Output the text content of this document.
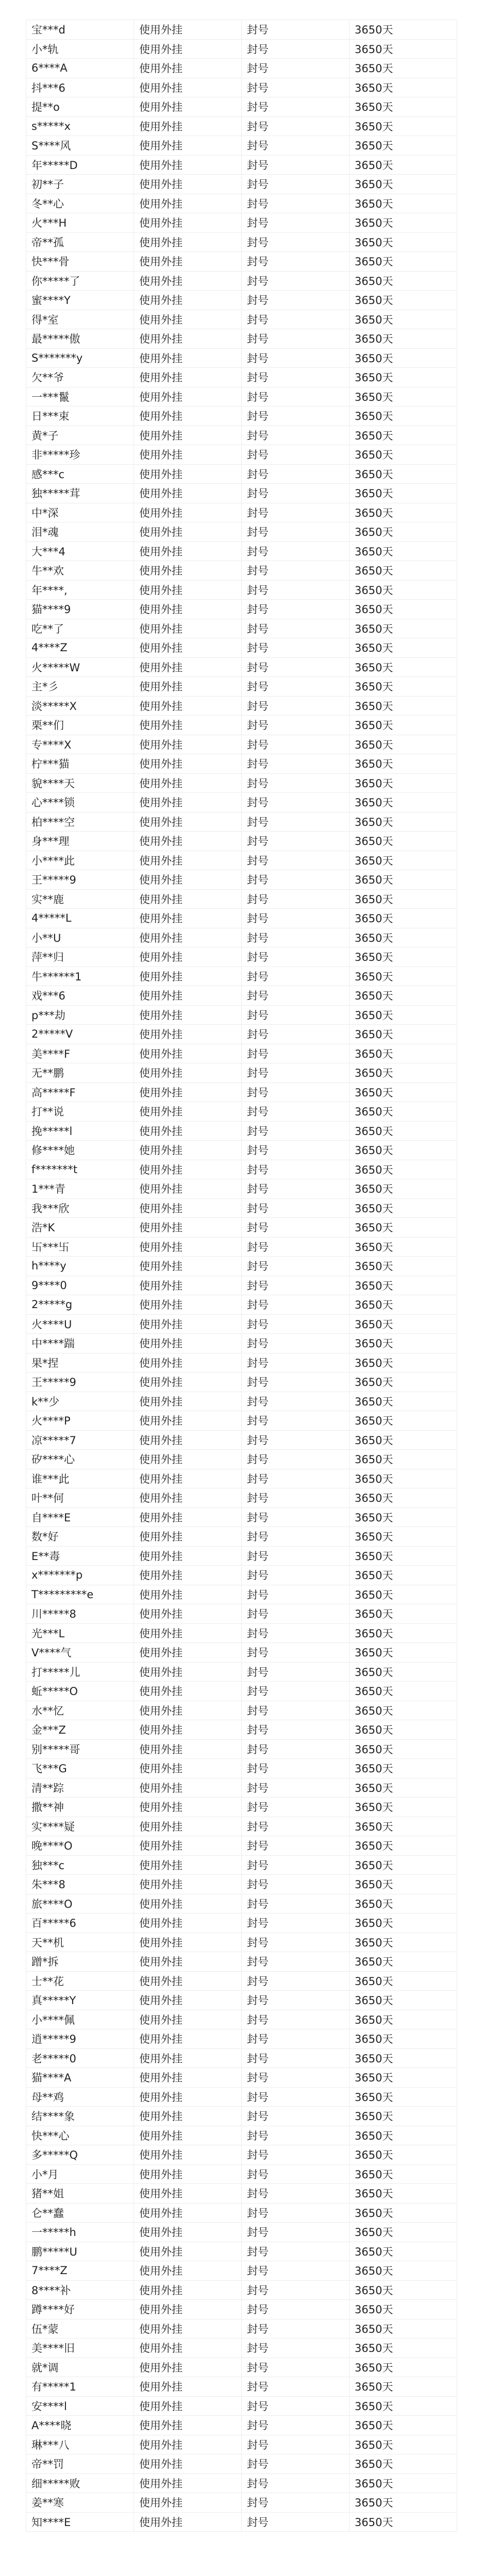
宝***d	使用外挂	封号	3650天
小*轨	使用外挂	封号	3650天
6****A	使用外挂	封号	3650天
抖***6	使用外挂	封号	3650天
提**o	使用外挂	封号	3650天
s*****x	使用外挂	封号	3650天
S****风	使用外挂	封号	3650天
年*****D	使用外挂	封号	3650天
初**子	使用外挂	封号	3650天
冬**心	使用外挂	封号	3650天
火***H	使用外挂	封号	3650天
帝**孤	使用外挂	封号	3650天
快***骨	使用外挂	封号	3650天
你*****了	使用外挂	封号	3650天
蜜****Y	使用外挂	封号	3650天
得*室	使用外挂	封号	3650天
最*****傲	使用外挂	封号	3650天
S*******y	使用外挂	封号	3650天
欠**爷	使用外挂	封号	3650天
一***鬣	使用外挂	封号	3650天
日***束	使用外挂	封号	3650天
黄*子	使用外挂	封号	3650天
非*****珍	使用外挂	封号	3650天
感***c	使用外挂	封号	3650天
独*****茸	使用外挂	封号	3650天
中*深	使用外挂	封号	3650天
泪*魂	使用外挂	封号	3650天
大***4	使用外挂	封号	3650天
牛**欢	使用外挂	封号	3650天
年****,	使用外挂	封号	3650天
猫****9	使用外挂	封号	3650天
吃**了	使用外挂	封号	3650天
4****Z	使用外挂	封号	3650天
火*****W	使用外挂	封号	3650天
主*彡	使用外挂	封号	3650天
淡*****X	使用外挂	封号	3650天
栗**们	使用外挂	封号	3650天
专****X	使用外挂	封号	3650天
柠***猫	使用外挂	封号	3650天
貌****天	使用外挂	封号	3650天
心****锁	使用外挂	封号	3650天
柏****空	使用外挂	封号	3650天
身***理	使用外挂	封号	3650天
小****此	使用外挂	封号	3650天
王*****9	使用外挂	封号	3650天
实**鹿	使用外挂	封号	3650天
4*****L	使用外挂	封号	3650天
小**U	使用外挂	封号	3650天
萍**归	使用外挂	封号	3650天
牛******1	使用外挂	封号	3650天
戏***6	使用外挂	封号	3650天
p***劫	使用外挂	封号	3650天
2*****V	使用外挂	封号	3650天
美****F	使用外挂	封号	3650天
无**鹏	使用外挂	封号	3650天
高*****F	使用外挂	封号	3650天
打**说	使用外挂	封号	3650天
挽*****l	使用外挂	封号	3650天
修****她	使用外挂	封号	3650天
f*******t	使用外挂	封号	3650天
1***青	使用外挂	封号	3650天
我***欣	使用外挂	封号	3650天
浩*K	使用外挂	封号	3650天
卐***卐	使用外挂	封号	3650天
h****y	使用外挂	封号	3650天
9****0	使用外挂	封号	3650天
2*****g	使用外挂	封号	3650天
火****U	使用外挂	封号	3650天
中****踹	使用外挂	封号	3650天
果*捏	使用外挂	封号	3650天
王*****9	使用外挂	封号	3650天
k**少	使用外挂	封号	3650天
火****P	使用外挂	封号	3650天
凉*****7	使用外挂	封号	3650天
矽****心	使用外挂	封号	3650天
谁***此	使用外挂	封号	3650天
叶**何	使用外挂	封号	3650天
自****E	使用外挂	封号	3650天
数*好	使用外挂	封号	3650天
E**毒	使用外挂	封号	3650天
x*******p	使用外挂	封号	3650天
T*********e	使用外挂	封号	3650天
川*****8	使用外挂	封号	3650天
光***L	使用外挂	封号	3650天
V****气	使用外挂	封号	3650天
打*****儿	使用外挂	封号	3650天
蚯*****O	使用外挂	封号	3650天
水**忆	使用外挂	封号	3650天
金***Z	使用外挂	封号	3650天
别*****哥	使用外挂	封号	3650天
飞***G	使用外挂	封号	3650天
清**踪	使用外挂	封号	3650天
撒**神	使用外挂	封号	3650天
实****疑	使用外挂	封号	3650天
晚****O	使用外挂	封号	3650天
独***c	使用外挂	封号	3650天
朱***8	使用外挂	封号	3650天
旅****O	使用外挂	封号	3650天
百*****6	使用外挂	封号	3650天
天**机	使用外挂	封号	3650天
蹭*拆	使用外挂	封号	3650天
士**花	使用外挂	封号	3650天
真*****Y	使用外挂	封号	3650天
小****佩	使用外挂	封号	3650天
逍*****9	使用外挂	封号	3650天
老*****0	使用外挂	封号	3650天
猫****A	使用外挂	封号	3650天
母**鸡	使用外挂	封号	3650天
结****象	使用外挂	封号	3650天
快***心	使用外挂	封号	3650天
多*****Q	使用外挂	封号	3650天
小*月	使用外挂	封号	3650天
猪**姐	使用外挂	封号	3650天
仑**蠢	使用外挂	封号	3650天
一*****h	使用外挂	封号	3650天
鹏*****U	使用外挂	封号	3650天
7****Z	使用外挂	封号	3650天
8****补	使用外挂	封号	3650天
蹲****好	使用外挂	封号	3650天
伍*蒙	使用外挂	封号	3650天
美****旧	使用外挂	封号	3650天
就*调	使用外挂	封号	3650天
有*****1	使用外挂	封号	3650天
安****l	使用外挂	封号	3650天
A****晓	使用外挂	封号	3650天
琳***八	使用外挂	封号	3650天
帝**罚	使用外挂	封号	3650天
细*****败	使用外挂	封号	3650天
姜**寒	使用外挂	封号	3650天
知****E	使用外挂	封号	3650天
